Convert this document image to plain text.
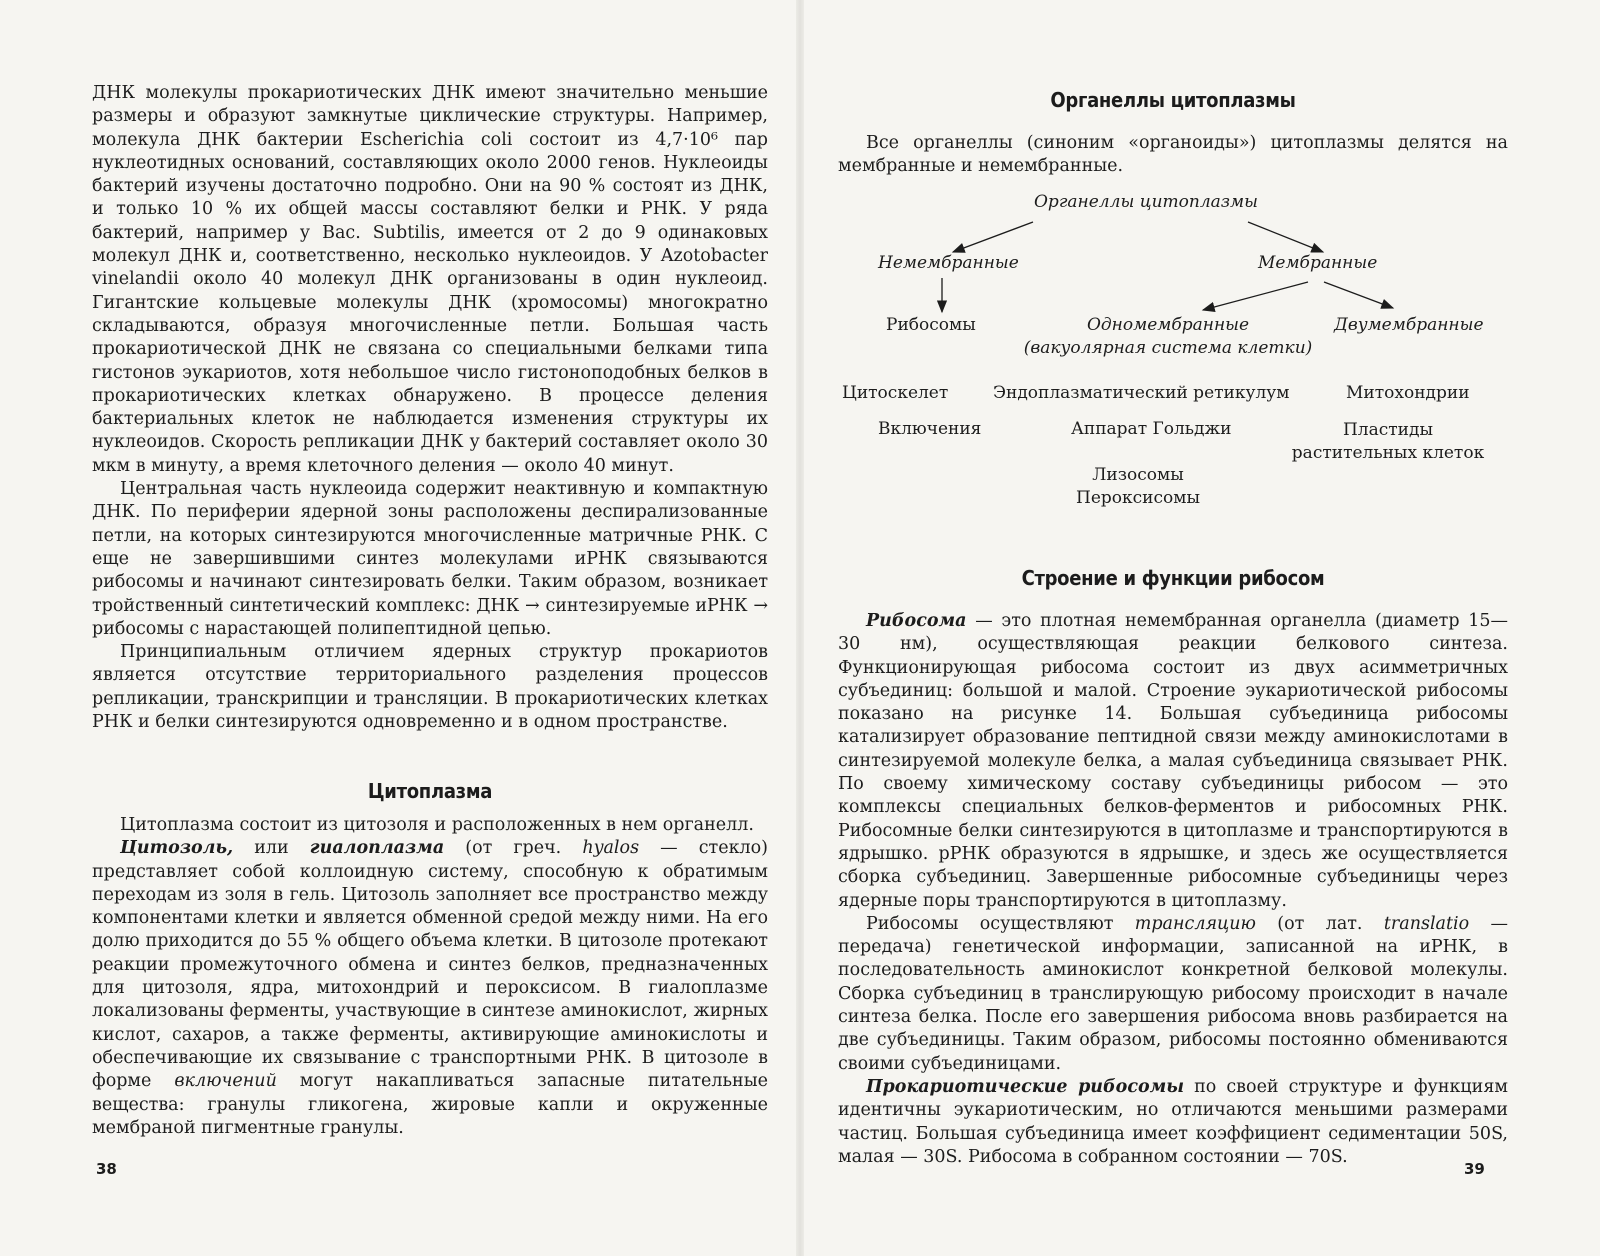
ДНК молекулы прокариотических ДНК имеют значительно меньшие размеры и образуют замкнутые циклические структуры. Например, молекула ДНК бактерии Escherichia coli состоит из 4,7·10⁶ пар нуклеотидных оснований, составляющих около 2000 генов. Нуклеоиды бактерий изучены достаточно подробно. Они на 90 % состоят из ДНК, и только 10 % их общей массы составляют белки и РНК. У ряда бактерий, например у Bac. Subtilis, имеется от 2 до 9 одинаковых молекул ДНК и, соответственно, несколько нуклеоидов. У Azotobacter vinelandii около 40 молекул ДНК организованы в один нуклеоид. Гигантские кольцевые молекулы ДНК (хромосомы) многократно складываются, образуя многочисленные петли. Большая часть прокариотической ДНК не связана со специальными белками типа гистонов эукариотов, хотя небольшое число гистоноподобных белков в прокариотических клетках обнаружено. В процессе деления бактериальных клеток не наблюдается изменения структуры их нуклеоидов. Скорость репликации ДНК у бактерий составляет около 30 мкм в минуту, а время клеточного деления — около 40 минут.

Центральная часть нуклеоида содержит неактивную и компактную ДНК. По периферии ядерной зоны расположены деспирализованные петли, на которых синтезируются многочисленные матричные РНК. С еще не завершившими синтез молекулами иРНК связываются рибосомы и начинают синтезировать белки. Таким образом, возникает тройственный синтетический комплекс: ДНК → синтезируемые иРНК → рибосомы с нарастающей полипептидной цепью.

Принципиальным отличием ядерных структур прокариотов является отсутствие территориального разделения процессов репликации, транскрипции и трансляции. В прокариотических клетках РНК и белки синтезируются одновременно и в одном пространстве.

Цитоплазма

Цитоплазма состоит из цитозоля и расположенных в нем органелл.

Цитозоль, или гиалоплазма (от греч. hyalos — стекло) представляет собой коллоидную систему, способную к обратимым переходам из золя в гель. Цитозоль заполняет все пространство между компонентами клетки и является обменной средой между ними. На его долю приходится до 55 % общего объема клетки. В цитозоле протекают реакции промежуточного обмена и синтез белков, предназначенных для цитозоля, ядра, митохондрий и пероксисом. В гиалоплазме локализованы ферменты, участвующие в синтезе аминокислот, жирных кислот, сахаров, а также ферменты, активирующие аминокислоты и обеспечивающие их связывание с транспортными РНК. В цитозоле в форме включений могут накапливаться запасные питательные вещества: гранулы гликогена, жировые капли и окруженные мембраной пигментные гранулы.

38
Органеллы цитоплазмы

Все органеллы (синоним «органоиды») цитоплазмы делятся на мембранные и немембранные.

Органеллы цитоплазмы
Немембранные	Мембранные
Рибосомы	Одномембранные
(вакуолярная система клетки)
Двумембранные
Цитоскелет	Эндоплазматический ретикулум	Митохондрии
Включения	Аппарат Гольджи	Пластиды
растительных клеток
Лизосомы
Пероксисомы
Строение и функции рибосом

Рибосома — это плотная немембранная органелла (диаметр 15—30 нм), осуществляющая реакции белкового синтеза. Функционирующая рибосома состоит из двух асимметричных субъединиц: большой и малой. Строение эукариотической рибосомы показано на рисунке 14. Большая субъединица рибосомы катализирует образование пептидной связи между аминокислотами в синтезируемой молекуле белка, а малая субъединица связывает РНК. По своему химическому составу субъединицы рибосом — это комплексы специальных белков-ферментов и рибосомных РНК. Рибосомные белки синтезируются в цитоплазме и транспортируются в ядрышко. рРНК образуются в ядрышке, и здесь же осуществляется сборка субъединиц. Завершенные рибосомные субъединицы через ядерные поры транспортируются в цитоплазму.

Рибосомы осуществляют трансляцию (от лат. translatio — передача) генетической информации, записанной на иРНК, в последовательность аминокислот конкретной белковой молекулы. Сборка субъединиц в транслирующую рибосому происходит в начале синтеза белка. После его завершения рибосома вновь разбирается на две субъединицы. Таким образом, рибосомы постоянно обмениваются своими субъединицами.

Прокариотические рибосомы по своей структуре и функциям идентичны эукариотическим, но отличаются меньшими размерами частиц. Большая субъединица имеет коэффициент седиментации 50S, малая — 30S. Рибосома в собранном состоянии — 70S.

39
